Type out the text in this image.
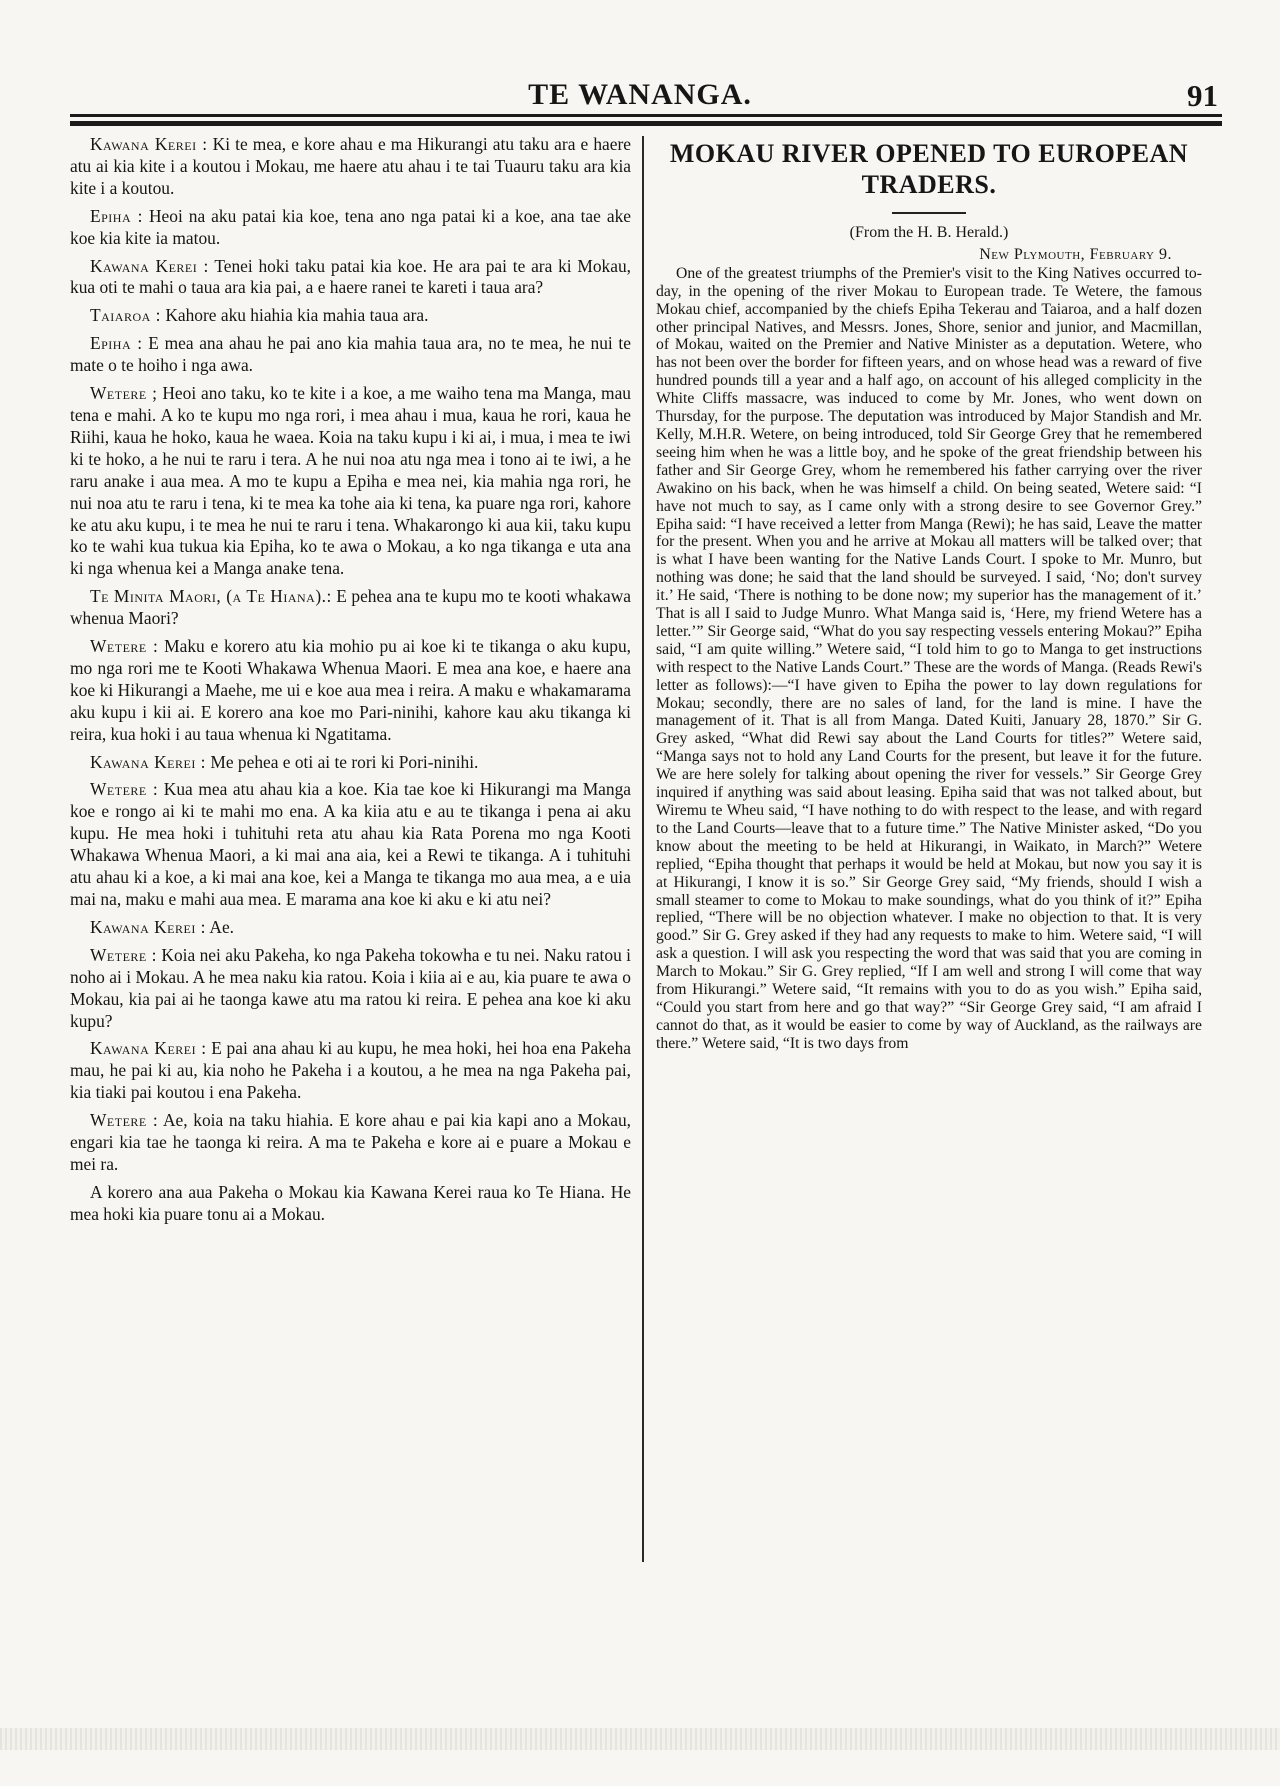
TE WANANGA.	91

Kawana Kerei : Ki te mea, e kore ahau e ma Hikurangi atu taku ara e haere atu ai kia kite i a koutou i Mokau, me haere atu ahau i te tai Tuauru taku ara kia kite i a koutou.

Epiha : Heoi na aku patai kia koe, tena ano nga patai ki a koe, ana tae ake koe kia kite ia matou.

Kawana Kerei : Tenei hoki taku patai kia koe. He ara pai te ara ki Mokau, kua oti te mahi o taua ara kia pai, a e haere ranei te kareti i taua ara?

Taiaroa : Kahore aku hiahia kia mahia taua ara.

Epiha : E mea ana ahau he pai ano kia mahia taua ara, no te mea, he nui te mate o te hoiho i nga awa.

Wetere ; Heoi ano taku, ko te kite i a koe, a me waiho tena ma Manga, mau tena e mahi. A ko te kupu mo nga rori, i mea ahau i mua, kaua he rori, kaua he Riihi, kaua he hoko, kaua he waea. Koia na taku kupu i ki ai, i mua, i mea te iwi ki te hoko, a he nui te raru i tera. A he nui noa atu nga mea i tono ai te iwi, a he raru anake i aua mea. A mo te kupu a Epiha e mea nei, kia mahia nga rori, he nui noa atu te raru i tena, ki te mea ka tohe aia ki tena, ka puare nga rori, kahore ke atu aku kupu, i te mea he nui te raru i tena. Whakarongo ki aua kii, taku kupu ko te wahi kua tukua kia Epiha, ko te awa o Mokau, a ko nga tikanga e uta ana ki nga whenua kei a Manga anake tena.

Te Minita Maori, (a Te Hiana).: E pehea ana te kupu mo te kooti whakawa whenua Maori?

Wetere : Maku e korero atu kia mohio pu ai koe ki te tikanga o aku kupu, mo nga rori me te Kooti Whakawa Whenua Maori. E mea ana koe, e haere ana koe ki Hikurangi a Maehe, me ui e koe aua mea i reira. A maku e whakamarama aku kupu i kii ai. E korero ana koe mo Pari-ninihi, kahore kau aku tikanga ki reira, kua hoki i au taua whenua ki Ngatitama.

Kawana Kerei : Me pehea e oti ai te rori ki Pori-ninihi.

Wetere : Kua mea atu ahau kia a koe. Kia tae koe ki Hikurangi ma Manga koe e rongo ai ki te mahi mo ena. A ka kiia atu e au te tikanga i pena ai aku kupu. He mea hoki i tuhituhi reta atu ahau kia Rata Porena mo nga Kooti Whakawa Whenua Maori, a ki mai ana aia, kei a Rewi te tikanga. A i tuhituhi atu ahau ki a koe, a ki mai ana koe, kei a Manga te tikanga mo aua mea, a e uia mai na, maku e mahi aua mea. E marama ana koe ki aku e ki atu nei?

Kawana Kerei : Ae.

Wetere : Koia nei aku Pakeha, ko nga Pakeha tokowha e tu nei. Naku ratou i noho ai i Mokau. A he mea naku kia ratou. Koia i kiia ai e au, kia puare te awa o Mokau, kia pai ai he taonga kawe atu ma ratou ki reira. E pehea ana koe ki aku kupu?

Kawana Kerei : E pai ana ahau ki au kupu, he mea hoki, hei hoa ena Pakeha mau, he pai ki au, kia noho he Pakeha i a koutou, a he mea na nga Pakeha pai, kia tiaki pai koutou i ena Pakeha.

Wetere : Ae, koia na taku hiahia. E kore ahau e pai kia kapi ano a Mokau, engari kia tae he taonga ki reira. A ma te Pakeha e kore ai e puare a Mokau e mei ra.

A korero ana aua Pakeha o Mokau kia Kawana Kerei raua ko Te Hiana. He mea hoki kia puare tonu ai a Mokau.

MOKAU RIVER OPENED TO EUROPEAN TRADERS.
(From the H. B. Herald.)
New Plymouth, February 9.

One of the greatest triumphs of the Premier's visit to the King Natives occurred to-day, in the opening of the river Mokau to European trade. Te Wetere, the famous Mokau chief, accompanied by the chiefs Epiha Tekerau and Taiaroa, and a half dozen other principal Natives, and Messrs. Jones, Shore, senior and junior, and Macmillan, of Mokau, waited on the Premier and Native Minister as a deputation. Wetere, who has not been over the border for fifteen years, and on whose head was a reward of five hundred pounds till a year and a half ago, on account of his alleged complicity in the White Cliffs massacre, was induced to come by Mr. Jones, who went down on Thursday, for the purpose. The deputation was introduced by Major Standish and Mr. Kelly, M.H.R. Wetere, on being introduced, told Sir George Grey that he remembered seeing him when he was a little boy, and he spoke of the great friendship between his father and Sir George Grey, whom he remembered his father carrying over the river Awakino on his back, when he was himself a child. On being seated, Wetere said: “I have not much to say, as I came only with a strong desire to see Governor Grey.” Epiha said: “I have received a letter from Manga (Rewi); he has said, Leave the matter for the present. When you and he arrive at Mokau all matters will be talked over; that is what I have been wanting for the Native Lands Court. I spoke to Mr. Munro, but nothing was done; he said that the land should be surveyed. I said, ‘No; don't survey it.’ He said, ‘There is nothing to be done now; my superior has the management of it.’ That is all I said to Judge Munro. What Manga said is, ‘Here, my friend Wetere has a letter.’” Sir George said, “What do you say respecting vessels entering Mokau?” Epiha said, “I am quite willing.” Wetere said, “I told him to go to Manga to get instructions with respect to the Native Lands Court.” These are the words of Manga. (Reads Rewi's letter as follows):—“I have given to Epiha the power to lay down regulations for Mokau; secondly, there are no sales of land, for the land is mine. I have the management of it. That is all from Manga. Dated Kuiti, January 28, 1870.” Sir G. Grey asked, “What did Rewi say about the Land Courts for titles?” Wetere said, “Manga says not to hold any Land Courts for the present, but leave it for the future. We are here solely for talking about opening the river for vessels.” Sir George Grey inquired if anything was said about leasing. Epiha said that was not talked about, but Wiremu te Wheu said, “I have nothing to do with respect to the lease, and with regard to the Land Courts—leave that to a future time.” The Native Minister asked, “Do you know about the meeting to be held at Hikurangi, in Waikato, in March?” Wetere replied, “Epiha thought that perhaps it would be held at Mokau, but now you say it is at Hikurangi, I know it is so.” Sir George Grey said, “My friends, should I wish a small steamer to come to Mokau to make soundings, what do you think of it?” Epiha replied, “There will be no objection whatever. I make no objection to that. It is very good.” Sir G. Grey asked if they had any requests to make to him. Wetere said, “I will ask a question. I will ask you respecting the word that was said that you are coming in March to Mokau.” Sir G. Grey replied, “If I am well and strong I will come that way from Hikurangi.” Wetere said, “It remains with you to do as you wish.” Epiha said, “Could you start from here and go that way?” “Sir George Grey said, “I am afraid I cannot do that, as it would be easier to come by way of Auckland, as the railways are there.” Wetere said, “It is two days from
